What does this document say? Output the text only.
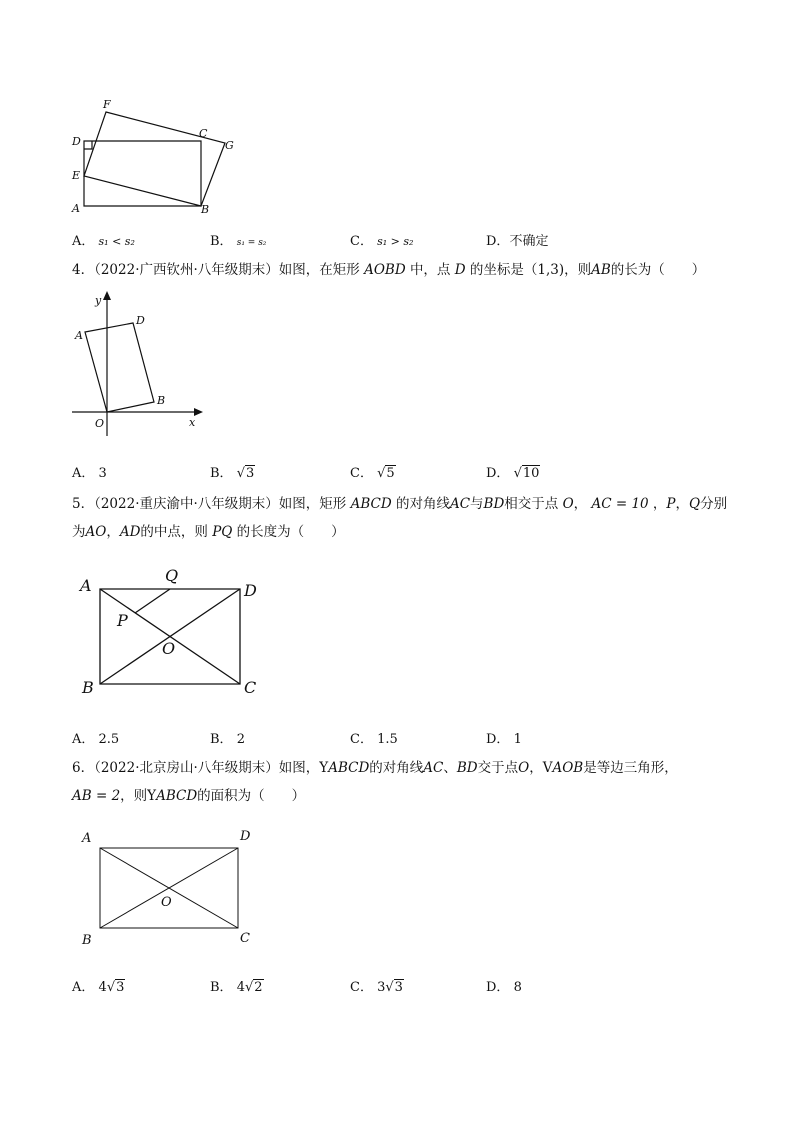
F
D
C
G
E
A	B
A． s₁ < s₂	B． s₁ = s₂	C． s₁ > s₂	D．不确定
4．（2022·广西钦州·八年级期末）如图，在矩形 AOBD 中，点 D 的坐标是（1,3)，则AB的长为（　　）
y
x
A
D
B
O
A． 3	B． √3	C． √5	D． √10
5．（2022·重庆渝中·八年级期末）如图，矩形 ABCD 的对角线AC与BD相交于点 O， AC = 10 ，P，Q分别
为AO，AD的中点，则 PQ 的长度为（　　）
A
Q
D
P
O
B	C
A． 2.5	B． 2	C． 1.5	D． 1
6．（2022·北京房山·八年级期末）如图，YABCD的对角线AC、BD交于点O，VAOB是等边三角形，
AB = 2，则YABCD的面积为（　　）
A	D
O
B	C
A． 4√3	B． 4√2	C． 3√3	D． 8
